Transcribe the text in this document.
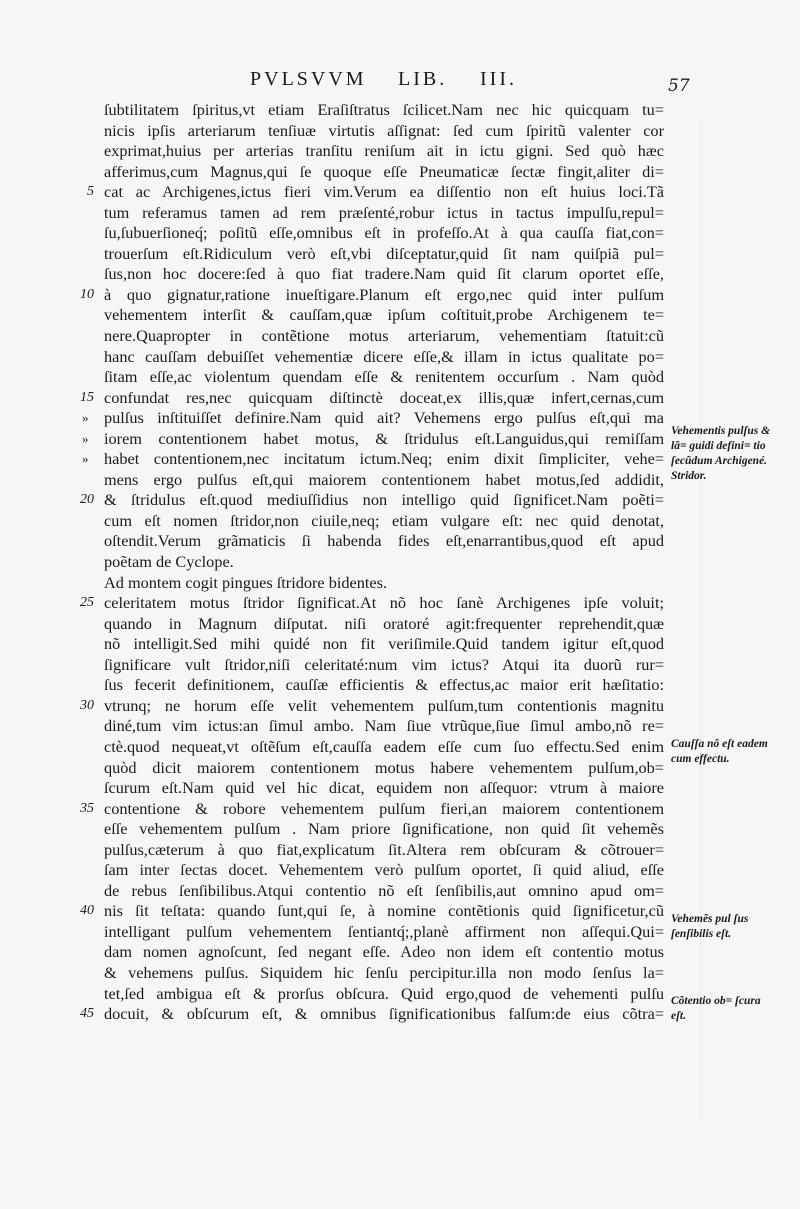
PVLSVVM LIB. III.	57
ſubtilitatem ſpiritus,vt etiam Eraſiſtratus ſcilicet.Nam nec hic quicquam tu=
nicis ipſis arteriarum tenſiuæ virtutis aſſignat: ſed cum ſpiritũ valenter cor
exprimat,huius per arterias tranſitu reniſum ait in ictu gigni. Sed quò hæc
afferimus,cum Magnus,qui ſe quoque eſſe Pneumaticæ ſectæ fingit,aliter di=
5 cat ac Archigenes,ictus fieri vim.Verum ea diſſentio non eſt huius loci.Tã
tum referamus tamen ad rem præſenté,robur ictus in tactus impulſu,repul=
ſu,ſubuerſioneq́; poſitũ eſſe,omnibus eſt in profeſſo.At à qua cauſſa fiat,con=
trouerſum eſt.Ridiculum verò eſt,vbi diſceptatur,quid ſit nam quiſpiã pul=
ſus,non hoc docere:ſed à quo fiat tradere.Nam quid ſit clarum oportet eſſe,
10 à quo gignatur,ratione inueſtigare.Planum eſt ergo,nec quid inter pulſum
vehementem interſit & cauſſam,quæ ipſum coſtituit,probe Archigenem te=
nere.Quapropter in contẽtione motus arteriarum, vehementiam ſtatuit:cũ
hanc cauſſam debuiſſet vehementiæ dicere eſſe,& illam in ictus qualitate po=
ſitam eſſe,ac violentum quendam eſſe & renitentem occurſum . Nam quòd
15 confundat res,nec quicquam diſtinctè doceat,ex illis,quæ infert,cernas,cum
» pulſus inſtituiſſet definire.Nam quid ait? Vehemens ergo pulſus eſt,qui ma
» iorem contentionem habet motus, & ſtridulus eſt.Languidus,qui remiſſam
» habet contentionem,nec incitatum ictum.Neq; enim dixit ſimpliciter, vehe=
mens ergo pulſus eſt,qui maiorem contentionem habet motus,ſed addidit,
20 & ſtridulus eſt.quod mediuſſidius non intelligo quid ſignificet.Nam poẽti=
cum eſt nomen ſtridor,non ciuile,neq; etiam vulgare eſt: nec quid denotat,
oſtendit.Verum grãmaticis ſi habenda fides eſt,enarrantibus,quod eſt apud
poẽtam de Cyclope.
Ad montem cogit pingues ſtridore bidentes.
25 celeritatem motus ſtridor ſignificat.At nõ hoc ſanè Archigenes ipſe voluit;
quando in Magnum diſputat. niſi oratoré agit:frequenter reprehendit,quæ
nõ intelligit.Sed mihi quidé non fit veriſimile.Quid tandem igitur eſt,quod
ſignificare vult ſtridor,niſi celeritaté:num vim ictus? Atqui ita duorũ rur=
ſus fecerit definitionem, cauſſæ efficientis & effectus,ac maior erit hæſitatio:
30 vtrunq; ne horum eſſe velit vehementem pulſum,tum contentionis magnitu
diné,tum vim ictus:an ſimul ambo. Nam ſiue vtrũque,ſiue ſimul ambo,nõ re=
ctè.quod nequeat,vt oſtẽſum eſt,cauſſa eadem eſſe cum ſuo effectu.Sed enim
quòd dicit maiorem contentionem motus habere vehementem pulſum,ob=
ſcurum eſt.Nam quid vel hic dicat, equidem non aſſequor: vtrum à maiore
35 contentione & robore vehementem pulſum fieri,an maiorem contentionem
eſſe vehementem pulſum . Nam priore ſignificatione, non quid ſit vehemẽs
pulſus,cæterum à quo fiat,explicatum ſit.Altera rem obſcuram & cõtrouer=
ſam inter ſectas docet. Vehementem verò pulſum oportet, ſi quid aliud, eſſe
de rebus ſenſibilibus.Atqui contentio nõ eſt ſenſibilis,aut omnino apud om=
40 nis ſit teſtata: quando ſunt,qui ſe, à nomine contẽtionis quid ſignificetur,cũ
intelligant pulſum vehementem ſentiantq́;,planè affirment non aſſequi.Qui=
dam nomen agnoſcunt, ſed negant eſſe. Adeo non idem eſt contentio motus
& vehemens pulſus. Siquidem hic ſenſu percipitur.illa non modo ſenſus la=
tet,ſed ambigua eſt & prorſus obſcura. Quid ergo,quod de vehementi pulſu
45 docuit, & obſcurum eſt, & omnibus ſignificationibus falſum:de eius cõtra=
Vehementis pulſus & lã= guidi defini= tio ſecũdum Archigené. Stridor.
Cauſſa nõ eſt eadem cum effectu.
Vehemẽs pul ſus ſenſibilis eſt.
Cõtentio ob= ſcura eſt.
